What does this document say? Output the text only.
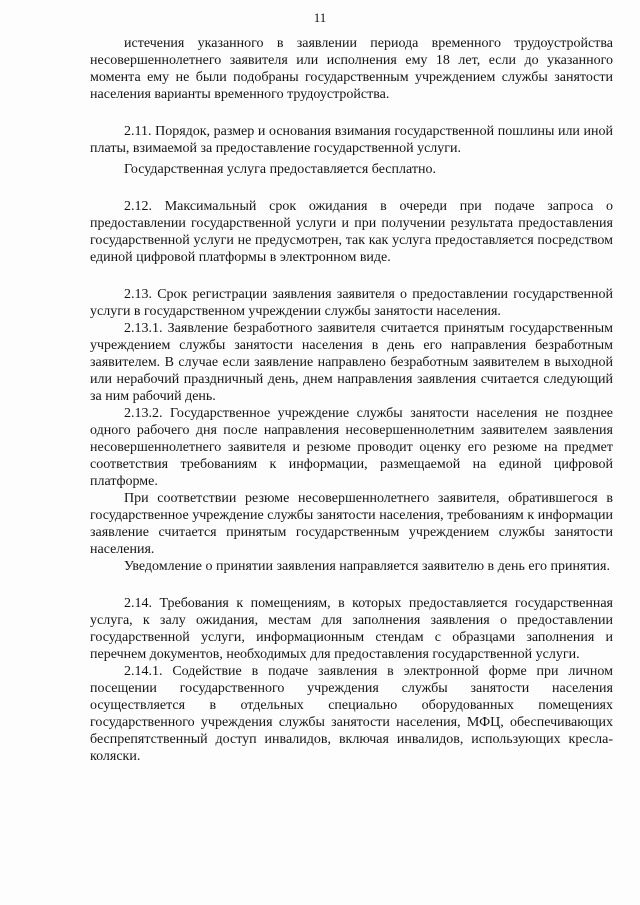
11

истечения указанного в заявлении периода временного трудоустройства несовершеннолетнего заявителя или исполнения ему 18 лет, если до указанного момента ему не были подобраны государственным учреждением службы занятости населения варианты временного трудоустройства.

2.11. Порядок, размер и основания взимания государственной пошлины или иной платы, взимаемой за предоставление государственной услуги.

Государственная услуга предоставляется бесплатно.

2.12. Максимальный срок ожидания в очереди при подаче запроса о предоставлении государственной услуги и при получении результата предоставления государственной услуги не предусмотрен, так как услуга предоставляется посредством единой цифровой платформы в электронном виде.

2.13. Срок регистрации заявления заявителя о предоставлении государственной услуги в государственном учреждении службы занятости населения.

2.13.1. Заявление безработного заявителя считается принятым государственным учреждением службы занятости населения в день его направления безработным заявителем. В случае если заявление направлено безработным заявителем в выходной или нерабочий праздничный день, днем направления заявления считается следующий за ним рабочий день.

2.13.2. Государственное учреждение службы занятости населения не позднее одного рабочего дня после направления несовершеннолетним заявителем заявления несовершеннолетнего заявителя и резюме проводит оценку его резюме на предмет соответствия требованиям к информации, размещаемой на единой цифровой платформе.

При соответствии резюме несовершеннолетнего заявителя, обратившегося в государственное учреждение службы занятости населения, требованиям к информации заявление считается принятым государственным учреждением службы занятости населения.

Уведомление о принятии заявления направляется заявителю в день его принятия.

2.14. Требования к помещениям, в которых предоставляется государственная услуга, к залу ожидания, местам для заполнения заявления о предоставлении государственной услуги, информационным стендам с образцами заполнения и перечнем документов, необходимых для предоставления государственной услуги.

2.14.1. Содействие в подаче заявления в электронной форме при личном посещении государственного учреждения службы занятости населения осуществляется в отдельных специально оборудованных помещениях государственного учреждения службы занятости населения, МФЦ, обеспечивающих беспрепятственный доступ инвалидов, включая инвалидов, использующих кресла-коляски.
